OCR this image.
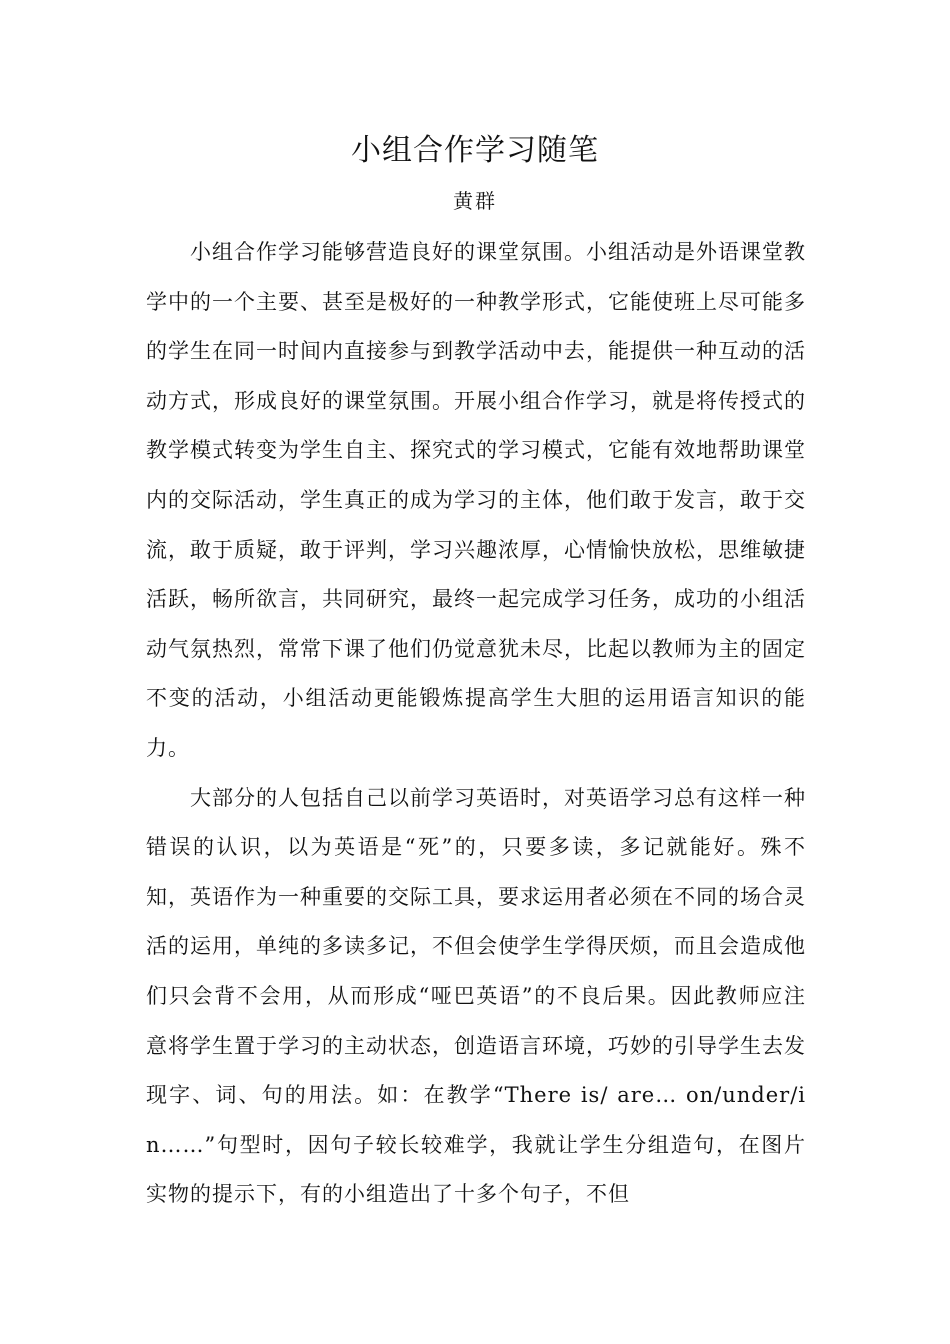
小组合作学习随笔
黄群

小组合作学习能够营造良好的课堂氛围。小组活动是外语课堂教学中的一个主要、甚至是极好的一种教学形式，它能使班上尽可能多的学生在同一时间内直接参与到教学活动中去，能提供一种互动的活动方式，形成良好的课堂氛围。开展小组合作学习，就是将传授式的教学模式转变为学生自主、探究式的学习模式，它能有效地帮助课堂内的交际活动，学生真正的成为学习的主体，他们敢于发言，敢于交流，敢于质疑，敢于评判，学习兴趣浓厚，心情愉快放松，思维敏捷活跃，畅所欲言，共同研究，最终一起完成学习任务，成功的小组活动气氛热烈，常常下课了他们仍觉意犹未尽，比起以教师为主的固定不变的活动，小组活动更能锻炼提高学生大胆的运用语言知识的能力。

大部分的人包括自己以前学习英语时，对英语学习总有这样一种错误的认识，以为英语是“死”的，只要多读，多记就能好。殊不知，英语作为一种重要的交际工具，要求运用者必须在不同的场合灵活的运用，单纯的多读多记，不但会使学生学得厌烦，而且会造成他们只会背不会用，从而形成“哑巴英语”的不良后果。因此教师应注意将学生置于学习的主动状态，创造语言环境，巧妙的引导学生去发现字、词、句的用法。如：在教学“There is/ are… on/under/in……”句型时，因句子较长较难学，我就让学生分组造句，在图片实物的提示下，有的小组造出了十多个句子，不但
